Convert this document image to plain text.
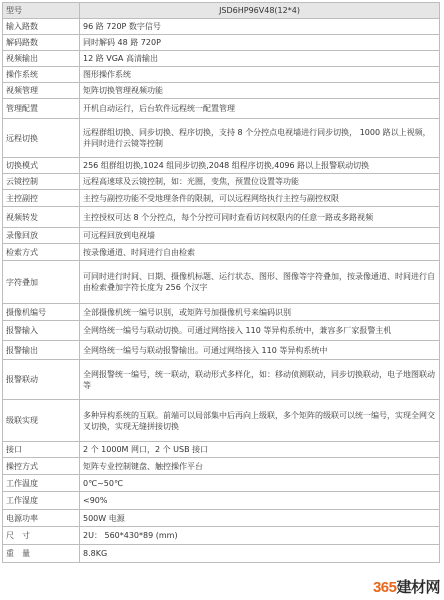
型号	JSD6HP96V48(12*4)
输入路数	96 路 720P 数字信号
解码路数	同时解码 48 路 720P
视频输出	12 路 VGA 高清输出
操作系统	图形操作系统
视频管理	矩阵切换管理视频功能
管理配置	开机自动运行，后台软件远程统一配置管理
远程切换	远程群组切换、同步切换、程序切换，支持 8 个分控点电视墙进行同步切换， 1000 路以上视频，并同时进行云镜等控制
切换模式	256 组群组切换,1024 组同步切换,2048 组程序切换,4096 路以上报警联动切换
云镜控制	远程高速球及云镜控制，如：光圈，变焦，预置位设置等功能
主控副控	主控与副控功能不受地理条件的限制，可以远程网络执行主控与副控权限
视频转发	主控授权可达 8 个分控点，每个分控可同时查看访问权限内的任意一路或多路视频
录像回放	可远程回放到电视墙
检索方式	按录像通道、时间进行自由检索
字符叠加	可同时进行时间、日期、摄像机标题、运行状态、图形、图像等字符叠加，按录像通道、时间进行自由检索叠加字符长度为 256 个汉字
摄像机编号	全部摄像机统一编号识别，或矩阵号加摄像机号来编码识别
报警输入	全网络统一编号与联动切换。可通过网络接入 110 等异构系统中，兼容多厂家报警主机
报警输出	全网络统一编号与联动报警输出。可通过网络接入 110 等异构系统中
报警联动	全网报警统一编号，统一联动，联动形式多样化，如：移动侦测联动，同步切换联动，电子地图联动等
级联实现	多种异构系统的互联。前端可以局部集中后再向上级联，多个矩阵的级联可以统一编号，实现全网交叉切换，实现无缝拼接切换
接口	2 个 1000M 网口，2 个 USB 接口
操控方式	矩阵专业控制键盘、触控操作平台
工作温度	0℃~50℃
工作湿度	<90%
电源功率	500W 电源
尺　寸	2U： 560*430*89 (mm)
重　量	8.8KG
365建材网
